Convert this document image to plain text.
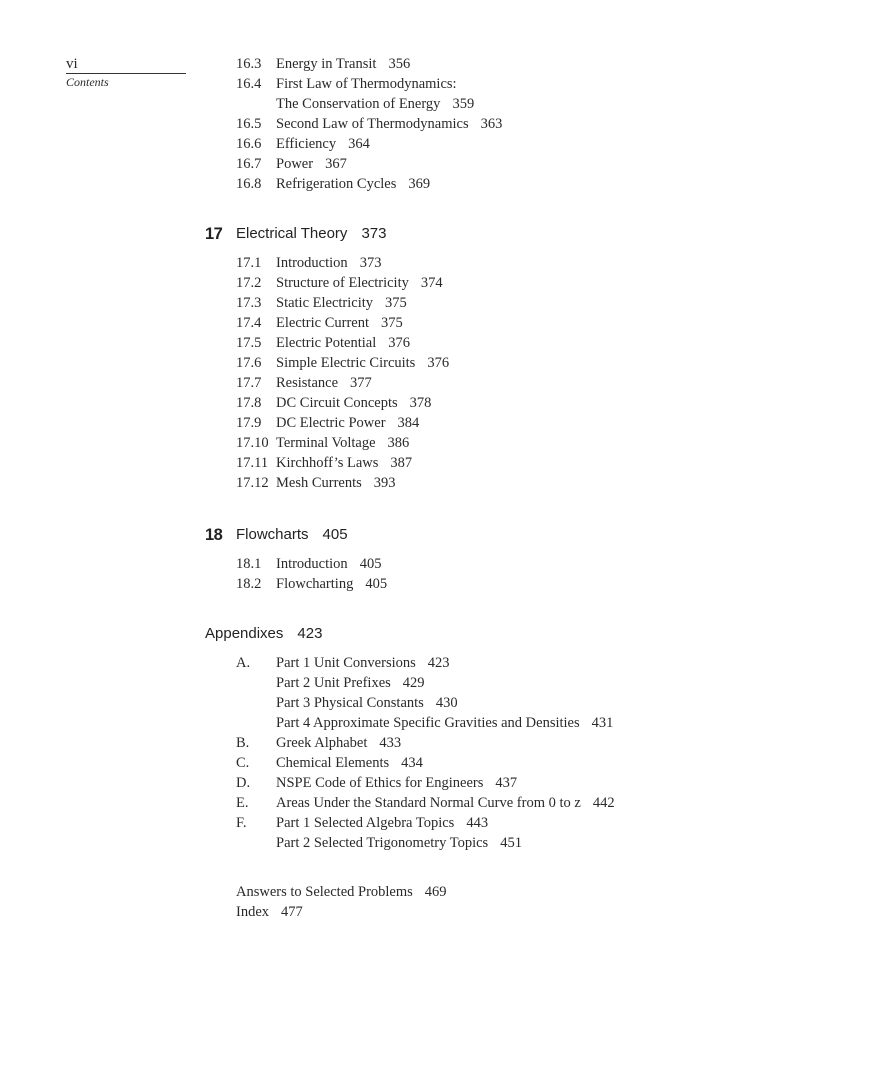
vi
Contents
16.3 Energy in Transit 356
16.4 First Law of Thermodynamics:
The Conservation of Energy 359
16.5 Second Law of Thermodynamics 363
16.6 Efficiency 364
16.7 Power 367
16.8 Refrigeration Cycles 369
17 Electrical Theory 373
17.1 Introduction 373
17.2 Structure of Electricity 374
17.3 Static Electricity 375
17.4 Electric Current 375
17.5 Electric Potential 376
17.6 Simple Electric Circuits 376
17.7 Resistance 377
17.8 DC Circuit Concepts 378
17.9 DC Electric Power 384
17.10 Terminal Voltage 386
17.11 Kirchhoff’s Laws 387
17.12 Mesh Currents 393
18 Flowcharts 405
18.1 Introduction 405
18.2 Flowcharting 405
Appendixes 423
A. Part 1 Unit Conversions 423
Part 2 Unit Prefixes 429
Part 3 Physical Constants 430
Part 4 Approximate Specific Gravities and Densities 431
B. Greek Alphabet 433
C. Chemical Elements 434
D. NSPE Code of Ethics for Engineers 437
E. Areas Under the Standard Normal Curve from 0 to z 442
F. Part 1 Selected Algebra Topics 443
Part 2 Selected Trigonometry Topics 451
Answers to Selected Problems 469
Index 477
